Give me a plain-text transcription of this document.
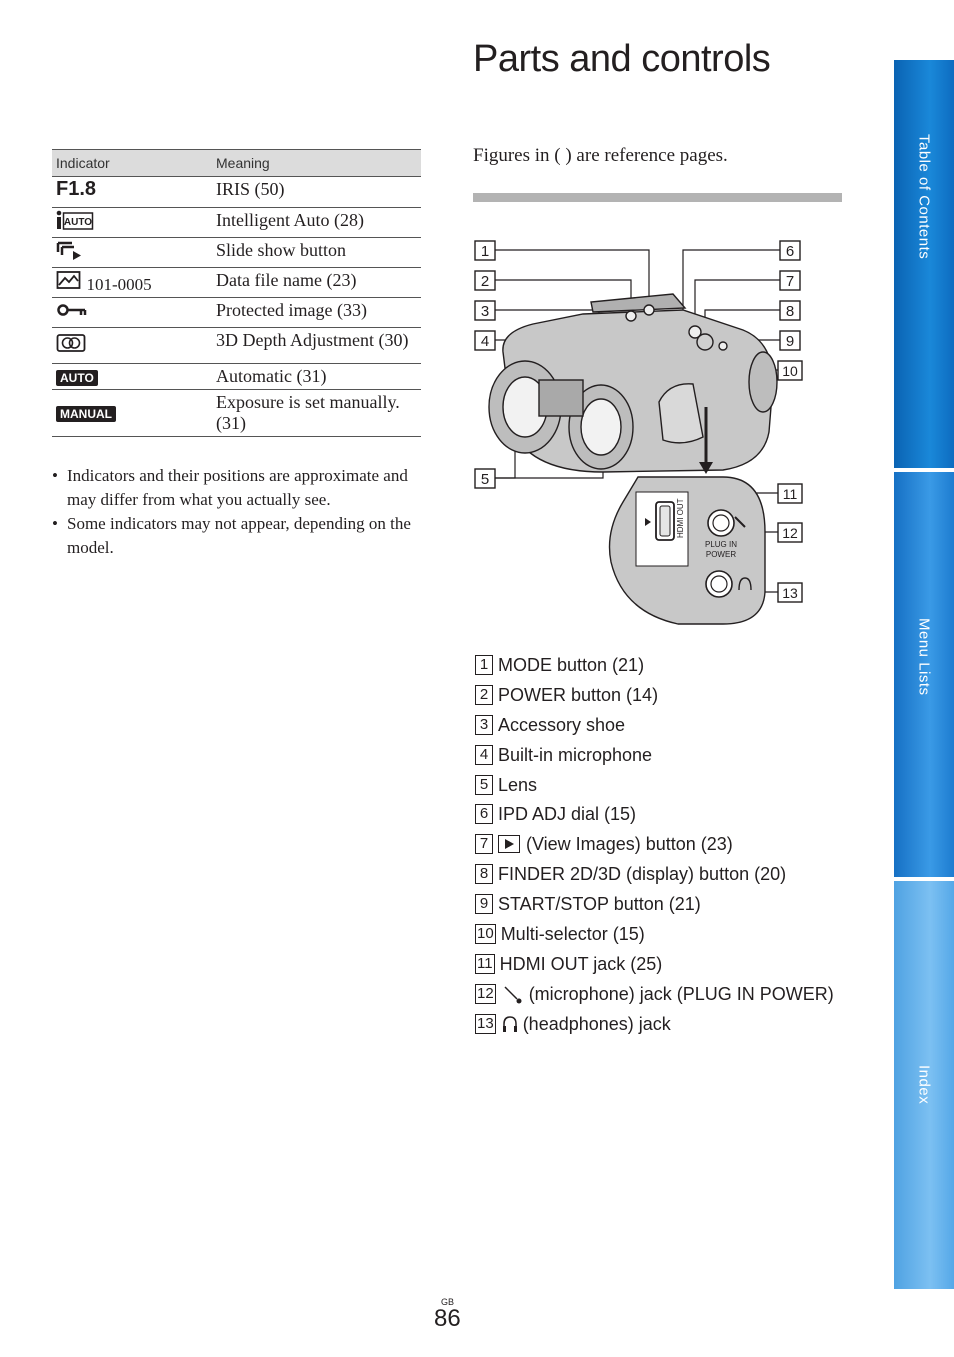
Parts and controls
Indicator	Meaning
F1.8	IRIS (50)

AUTO	Intelligent Auto (28)
	Slide show button
101-0005	Data file name (23)
	Protected image (33)
	3D Depth Adjustment (30)
AUTO	Automatic (31)
MANUAL	Exposure is set manually. (31)
• Indicators and their positions are approximate and may differ from what you actually see.
• Some indicators may not appear, depending on the model.
Figures in ( ) are reference pages.
HDMI OUT
PLUG IN
POWER
1
2
3
4
5
6
7
8
9
10
11
12
13
1 MODE button (21)
2 POWER button (14)
3 Accessory shoe
4 Built-in microphone
5 Lens
6 IPD ADJ dial (15)
7 (View Images) button (23)
8 FINDER 2D/3D (display) button (20)
9 START/STOP button (21)
10 Multi-selector (15)
11 HDMI OUT jack (25)
12 (microphone) jack (PLUG IN POWER)
13 (headphones) jack
Table of Contents
Menu Lists
Index
GB
86
